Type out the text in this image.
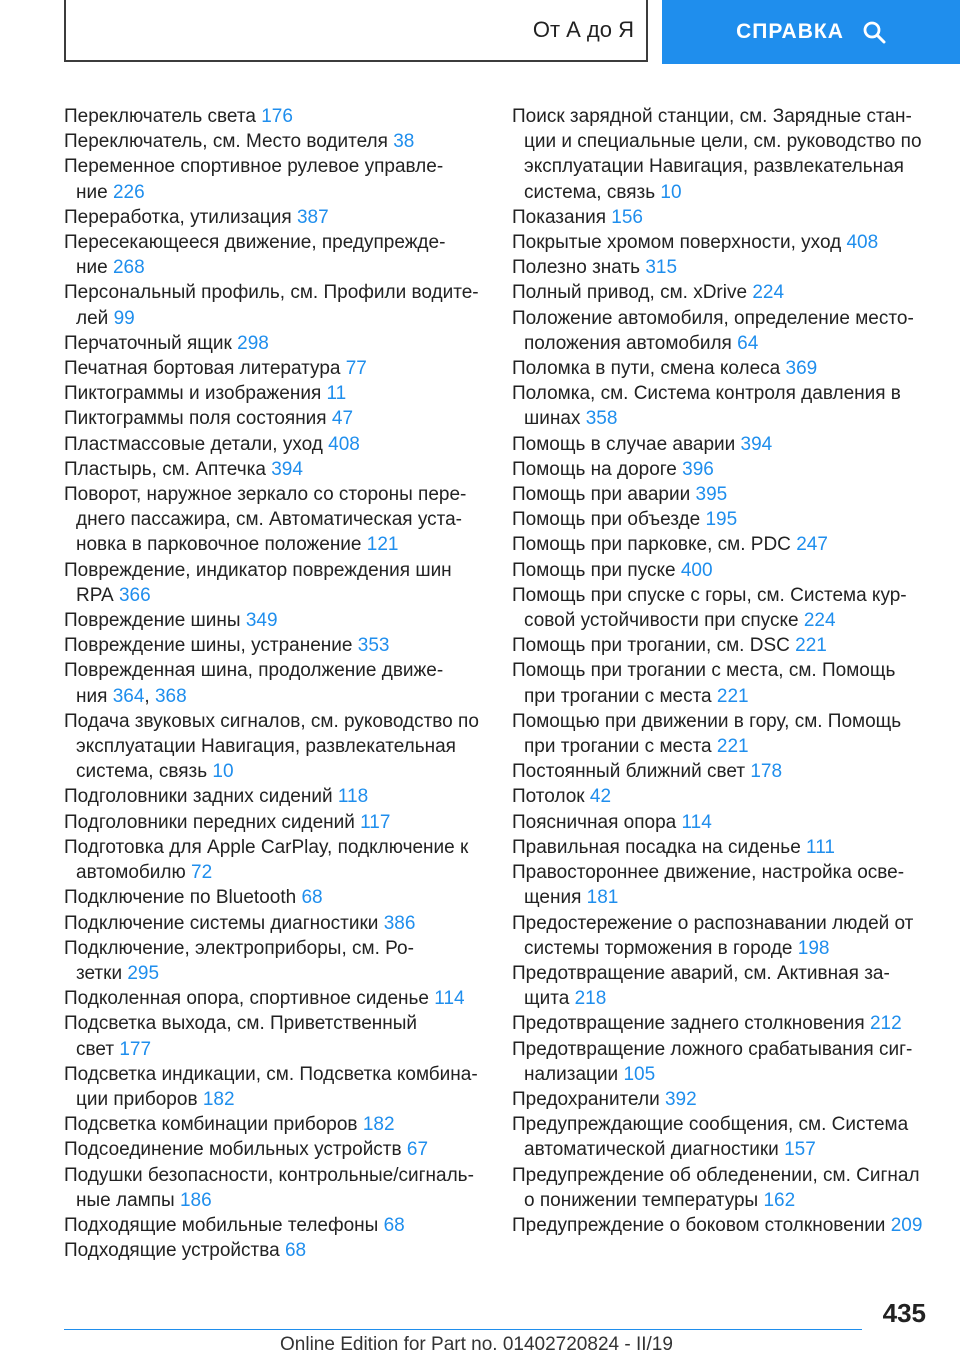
От А до Я	СПРАВКА
Переключатель света 176
Переключатель, см. Место водителя 38
Переменное спортивное рулевое управление 226
Переработка, утилизация 387
Пересекающееся движение, предупреждение 268
Персональный профиль, см. Профили водителей 99
Перчаточный ящик 298
Печатная бортовая литература 77
Пиктограммы и изображения 11
Пиктограммы поля состояния 47
Пластмассовые детали, уход 408
Пластырь, см. Аптечка 394
Поворот, наружное зеркало со стороны переднего пассажира, см. Автоматическая установка в парковочное положение 121
Повреждение, индикатор повреждения шин RPA 366
Повреждение шины 349
Повреждение шины, устранение 353
Поврежденная шина, продолжение движения 364, 368
Подача звуковых сигналов, см. руководство по эксплуатации Навигация, развлекательная система, связь 10
Подголовники задних сидений 118
Подголовники передних сидений 117
Подготовка для Apple CarPlay, подключение к автомобилю 72
Подключение по Bluetooth 68
Подключение системы диагностики 386
Подключение, электроприборы, см. Розетки 295
Подколенная опора, спортивное сиденье 114
Подсветка выхода, см. Приветственный свет 177
Подсветка индикации, см. Подсветка комбинации приборов 182
Подсветка комбинации приборов 182
Подсоединение мобильных устройств 67
Подушки безопасности, контрольные/сигнальные лампы 186
Подходящие мобильные телефоны 68
Подходящие устройства 68
Поиск зарядной станции, см. Зарядные станции и специальные цели, см. руководство по эксплуатации Навигация, развлекательная система, связь 10
Показания 156
Покрытые хромом поверхности, уход 408
Полезно знать 315
Полный привод, см. xDrive 224
Положение автомобиля, определение местоположения автомобиля 64
Поломка в пути, смена колеса 369
Поломка, см. Система контроля давления в шинах 358
Помощь в случае аварии 394
Помощь на дороге 396
Помощь при аварии 395
Помощь при объезде 195
Помощь при парковке, см. PDC 247
Помощь при пуске 400
Помощь при спуске с горы, см. Система курсовой устойчивости при спуске 224
Помощь при трогании, см. DSC 221
Помощь при трогании с места, см. Помощь при трогании с места 221
Помощью при движении в гору, см. Помощь при трогании с места 221
Постоянный ближний свет 178
Потолок 42
Поясничная опора 114
Правильная посадка на сиденье 111
Правостороннее движение, настройка освещения 181
Предостережение о распознавании людей от системы торможения в городе 198
Предотвращение аварий, см. Активная защита 218
Предотвращение заднего столкновения 212
Предотвращение ложного срабатывания сигнализации 105
Предохранители 392
Предупреждающие сообщения, см. Система автоматической диагностики 157
Предупреждение об обледенении, см. Сигнал о понижении температуры 162
Предупреждение о боковом столкновении 209
435
Online Edition for Part no. 01402720824 - II/19
